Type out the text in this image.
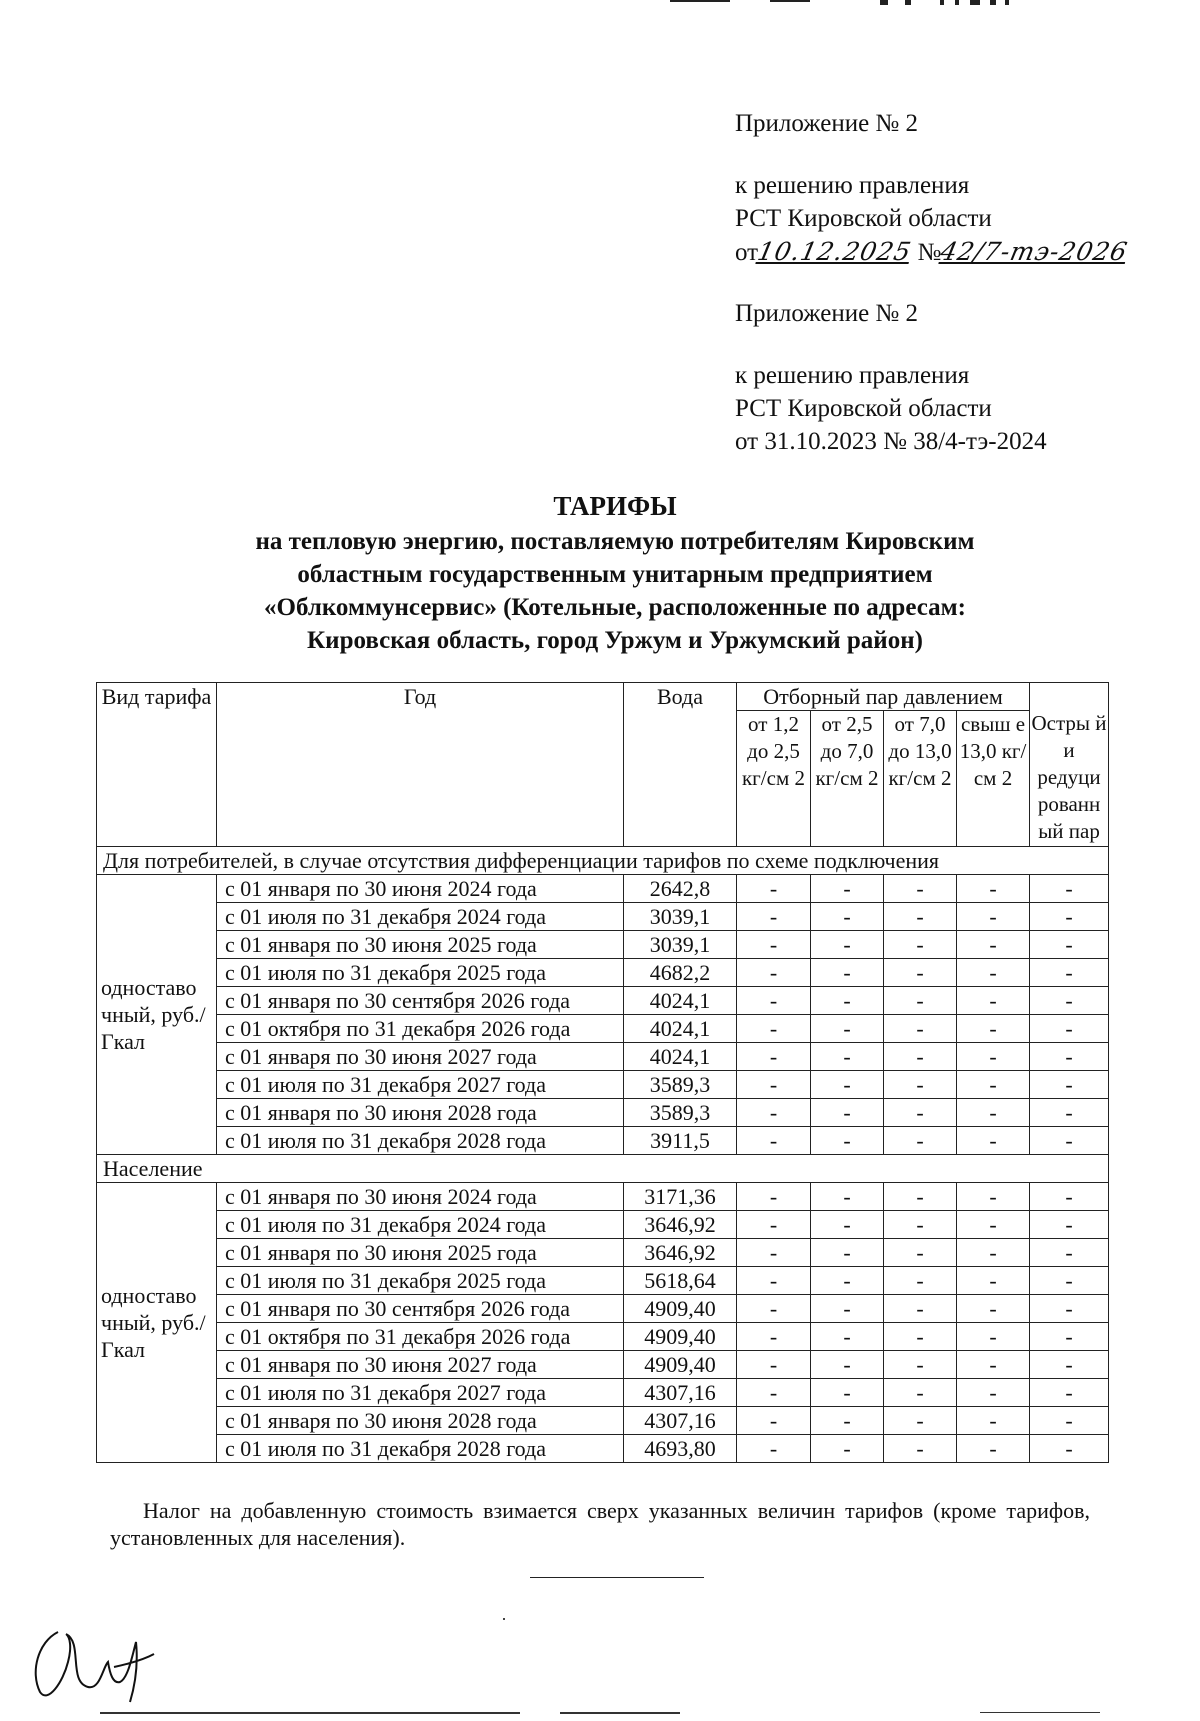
Приложение № 2
к решению правления
РСТ Кировской области
от10.12.2025 №42/7-тэ-2026
Приложение № 2
к решению правления
РСТ Кировской области
от 31.10.2023 № 38/4-тэ-2024
ТАРИФЫ
на тепловую энергию, поставляемую потребителям Кировским
областным государственным унитарным предприятием
«Облкоммунсервис» (Котельные, расположенные по адресам:
Кировская область, город Уржум и Уржумский район)
Вид тарифа	Год	Вода	Отборный пар давлением				Остры й и редуци рованн ый пар
			от 1,2 до 2,5 кг/см 2	от 2,5 до 7,0 кг/см 2	от 7,0 до 13,0 кг/см 2	свыш е 13,0 кг/см 2	
Для потребителей, в случае отсутствия дифференциации тарифов по схеме подключения							
одноставо чный, руб./Гкал	с 01 января по 30 июня 2024 года	2642,8	-	-	-	-	-
	с 01 июля по 31 декабря 2024 года	3039,1	-	-	-	-	-
	с 01 января по 30 июня 2025 года	3039,1	-	-	-	-	-
	с 01 июля по 31 декабря 2025 года	4682,2	-	-	-	-	-
	с 01 января по 30 сентября 2026 года	4024,1	-	-	-	-	-
	с 01 октября по 31 декабря 2026 года	4024,1	-	-	-	-	-
	с 01 января по 30 июня 2027 года	4024,1	-	-	-	-	-
	с 01 июля по 31 декабря 2027 года	3589,3	-	-	-	-	-
	с 01 января по 30 июня 2028 года	3589,3	-	-	-	-	-
	с 01 июля по 31 декабря 2028 года	3911,5	-	-	-	-	-
Население							
одноставо чный, руб./Гкал	с 01 января по 30 июня 2024 года	3171,36	-	-	-	-	-
	с 01 июля по 31 декабря 2024 года	3646,92	-	-	-	-	-
	с 01 января по 30 июня 2025 года	3646,92	-	-	-	-	-
	с 01 июля по 31 декабря 2025 года	5618,64	-	-	-	-	-
	с 01 января по 30 сентября 2026 года	4909,40	-	-	-	-	-
	с 01 октября по 31 декабря 2026 года	4909,40	-	-	-	-	-
	с 01 января по 30 июня 2027 года	4909,40	-	-	-	-	-
	с 01 июля по 31 декабря 2027 года	4307,16	-	-	-	-	-
	с 01 января по 30 июня 2028 года	4307,16	-	-	-	-	-
	с 01 июля по 31 декабря 2028 года	4693,80	-	-	-	-	-
Налог на добавленную стоимость взимается сверх указанных величин тарифов (кроме тарифов, установленных для населения).
